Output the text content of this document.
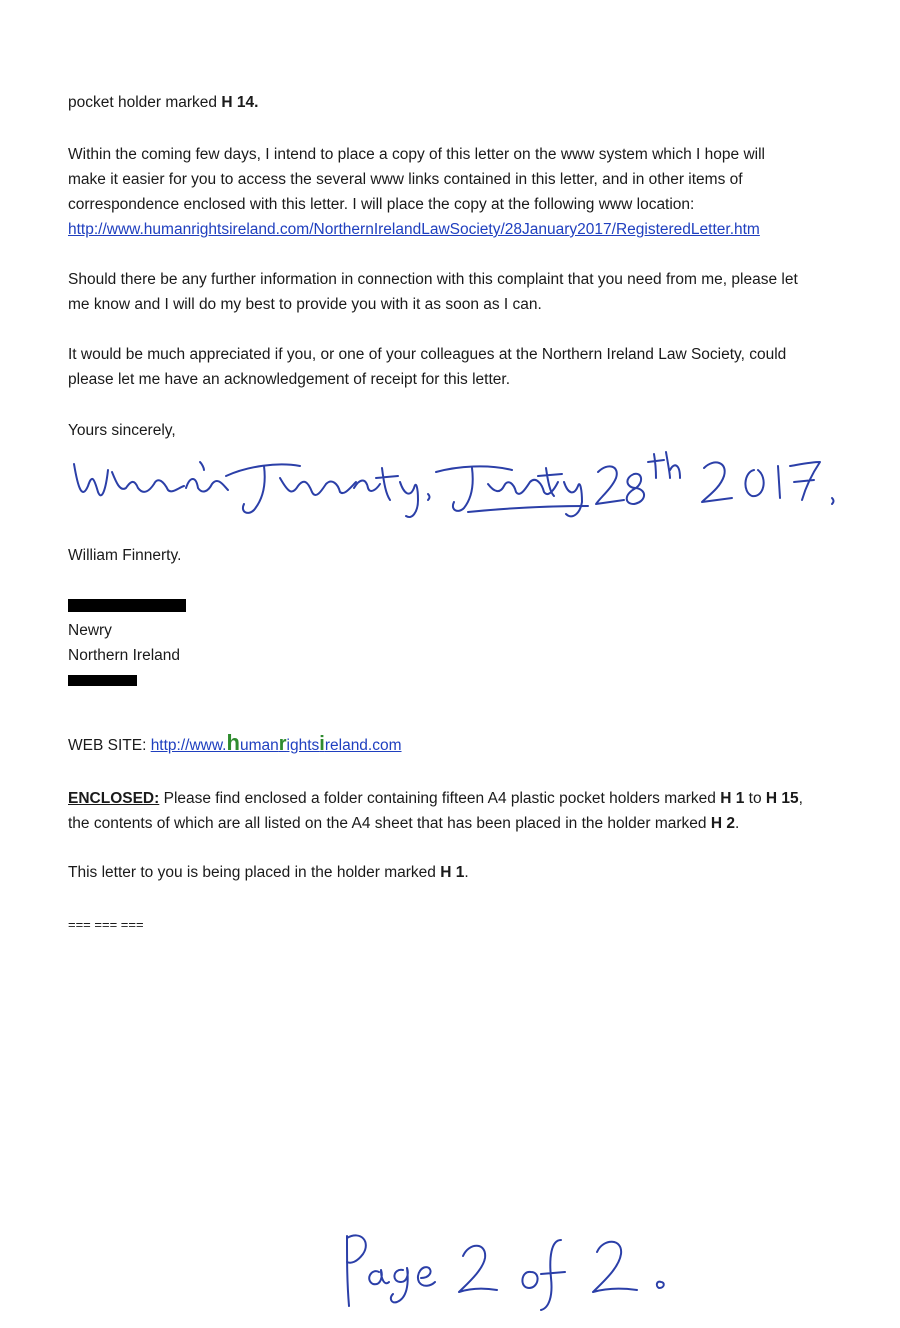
pocket holder marked H 14.

Within the coming few days, I intend to place a copy of this letter on the www system which I hope will
make it easier for you to access the several www links contained in this letter, and in other items of
correspondence enclosed with this letter. I will place the copy at the following www location:
http://www.humanrightsireland.com/NorthernIrelandLawSociety/28January2017/RegisteredLetter.htm
Should there be any further information in connection with this complaint that you need from me, please let
me know and I will do my best to provide you with it as soon as I can.
It would be much appreciated if you, or one of your colleagues at the Northern Ireland Law Society, could
please let me have an acknowledgement of receipt for this letter.
Yours sincerely,
William Finnerty.
Newry
Northern Ireland
WEB SITE: http://www.humanrightsireland.com
ENCLOSED: Please find enclosed a folder containing fifteen A4 plastic pocket holders marked H 1 to H 15,
the contents of which are all listed on the A4 sheet that has been placed in the holder marked H 2.
This letter to you is being placed in the holder marked H 1.
=== === ===
